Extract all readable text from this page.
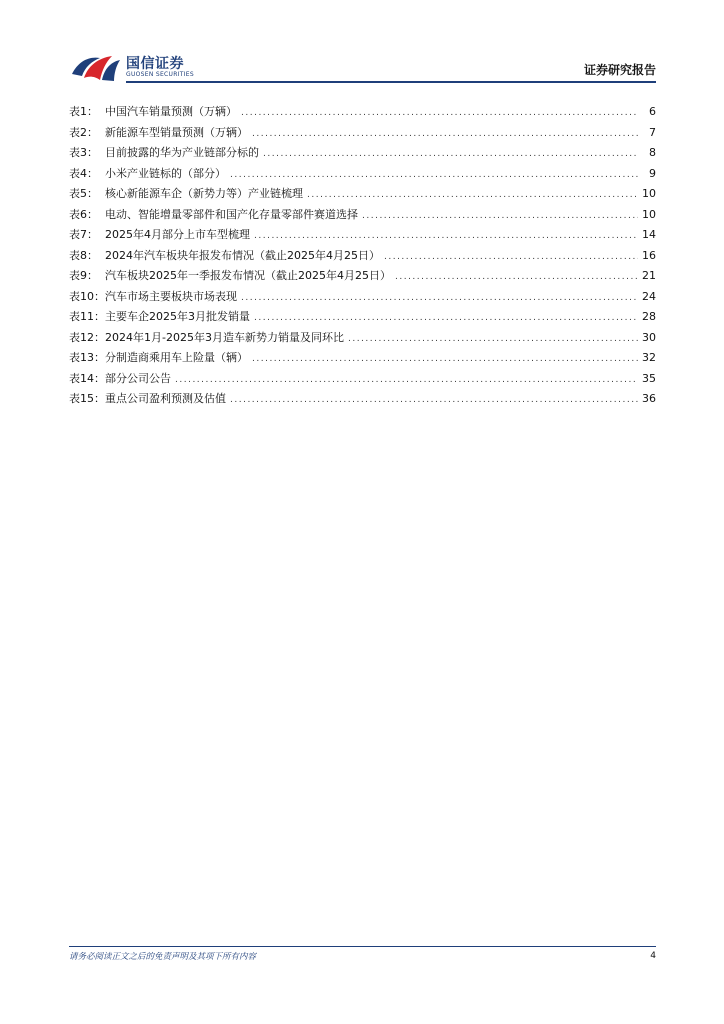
国信证券
GUOSEN SECURITIES	证券研究报告
表1： 中国汽车销量预测（万辆） .....	6
表2： 新能源车型销量预测（万辆） .....	7
表3： 目前披露的华为产业链部分标的 .....	8
表4： 小米产业链标的（部分） .....	9
表5： 核心新能源车企（新势力等）产业链梳理 .....	10
表6： 电动、智能增量零部件和国产化存量零部件赛道选择 .....	10
表7： 2025年4月部分上市车型梳理 .....	14
表8： 2024年汽车板块年报发布情况（截止2025年4月25日） .....	16
表9： 汽车板块2025年一季报发布情况（截止2025年4月25日） .....	21
表10： 汽车市场主要板块市场表现 .....	24
表11： 主要车企2025年3月批发销量 .....	28
表12： 2024年1月-2025年3月造车新势力销量及同环比 .....	30
表13： 分制造商乘用车上险量（辆） .....	32
表14： 部分公司公告 .....	35
表15： 重点公司盈利预测及估值 .....	36
请务必阅读正文之后的免责声明及其项下所有内容	4
